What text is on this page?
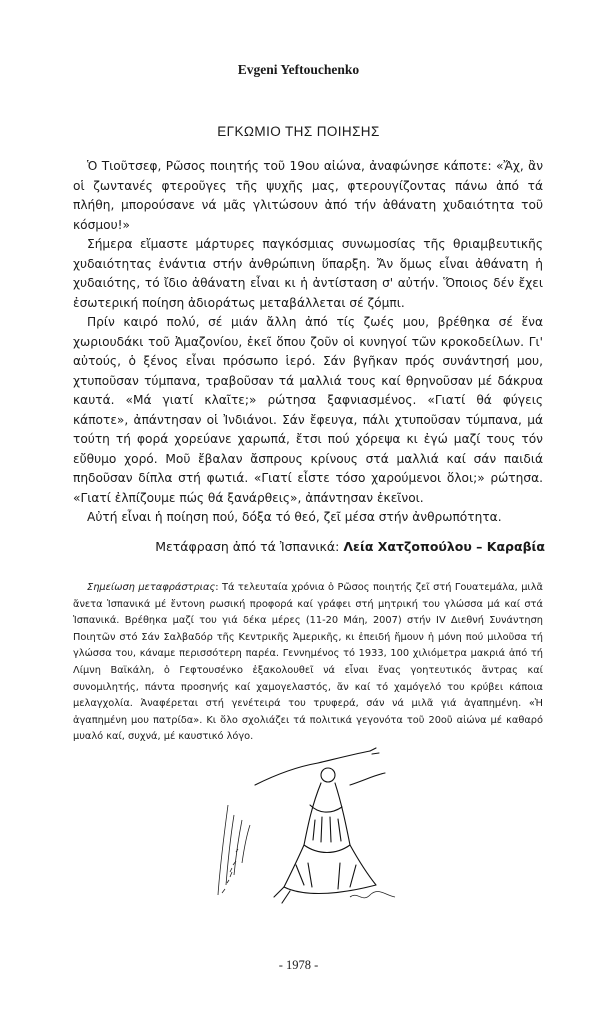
Evgeni Yeftouchenko
ΕΓΚΩΜΙΟ ΤΗΣ ΠΟΙΗΣΗΣ

Ὁ Τιοῦτσεφ, Ρῶσος ποιητής τοῦ 19ου αἰώνα, ἀναφώνησε κάποτε: «Ἄχ, ἂν οἱ ζωντανές φτεροῦγες τῆς ψυχῆς μας, φτερουγίζοντας πάνω ἀπό τά πλήθη, μπορούσανε νά μᾶς γλιτώσουν ἀπό τήν ἀθάνατη χυδαιότητα τοῦ κόσμου!»

Σήμερα εἴμαστε μάρτυρες παγκόσμιας συνωμοσίας τῆς θριαμβευτικῆς χυδαιότητας ἐνάντια στήν ἀνθρώπινη ὕπαρξη. Ἄν ὅμως εἶναι ἀθάνατη ἡ χυδαιότης, τό ἴδιο ἀθάνατη εἶναι κι ἡ ἀντίσταση σ' αὐτήν. Ὅποιος δέν ἔχει ἐσωτερική ποίηση ἀδιοράτως μεταβάλλεται σέ ζόμπι.

Πρίν καιρό πολύ, σέ μιάν ἄλλη ἀπό τίς ζωές μου, βρέθηκα σέ ἕνα χωριουδάκι τοῦ Ἀμαζονίου, ἐκεῖ ὅπου ζοῦν οἱ κυνηγοί τῶν κροκοδείλων. Γι' αὐτούς, ὁ ξένος εἶναι πρόσωπο ἱερό. Σάν βγῆκαν πρός συνάντησή μου, χτυποῦσαν τύμπανα, τραβοῦσαν τά μαλλιά τους καί θρηνοῦσαν μέ δάκρυα καυτά. «Μά γιατί κλαῖτε;» ρώτησα ξαφνιασμένος. «Γιατί θά φύγεις κάποτε», ἀπάντησαν οἱ Ἰνδιάνοι. Σάν ἔφευγα, πάλι χτυποῦσαν τύμπανα, μά τούτη τή φορά χορεύανε χαρωπά, ἔτσι πού χόρεψα κι ἐγώ μαζί τους τόν εὔθυμο χορό. Μοῦ ἔβαλαν ἄσπρους κρίνους στά μαλλιά καί σάν παιδιά πηδοῦσαν δίπλα στή φωτιά. «Γιατί εἶστε τόσο χαρούμενοι ὅλοι;» ρώτησα. «Γιατί ἐλπίζουμε πώς θά ξανάρθεις», ἀπάντησαν ἐκεῖνοι.

Αὐτή εἶναι ἡ ποίηση πού, δόξα τό θεό, ζεῖ μέσα στήν ἀνθρωπότητα.

Μετάφραση ἀπό τά Ἰσπανικά: Λεία Χατζοπούλου – Καραβία
Σημείωση μεταφράστριας: Τά τελευταία χρόνια ὁ Ρῶσος ποιητής ζεῖ στή Γουατεμάλα, μιλᾶ ἄνετα Ἰσπανικά μέ ἔντονη ρωσική προφορά καί γράφει στή μητρική του γλώσσα μά καί στά Ἰσπανικά. Βρέθηκα μαζί του γιά δέκα μέρες (11-20 Μάη, 2007) στήν IV Διεθνή Συνάντηση Ποιητῶν στό Σάν Σαλβαδόρ τῆς Κεντρικῆς Ἀμερικῆς, κι ἐπειδή ἤμουν ἡ μόνη πού μιλοῦσα τή γλώσσα του, κάναμε περισσότερη παρέα. Γεννημένος τό 1933, 100 χιλιόμετρα μακριά ἀπό τή Λίμνη Βαϊκάλη, ὁ Γεφτουσένκο ἐξακολουθεῖ νά εἶναι ἕνας γοητευτικός ἄντρας καί συνομιλητής, πάντα προσηνής καί χαμογελαστός, ἄν καί τό χαμόγελό του κρύβει κάποια μελαγχολία. Ἀναφέρεται στή γενέτειρά του τρυφερά, σάν νά μιλᾶ γιά ἀγαπημένη. «Ἡ ἀγαπημένη μου πατρίδα». Κι ὅλο σχολιάζει τά πολιτικά γεγονότα τοῦ 20οῦ αἰώνα μέ καθαρό μυαλό καί, συχνά, μέ καυστικό λόγο.
- 1978 -
